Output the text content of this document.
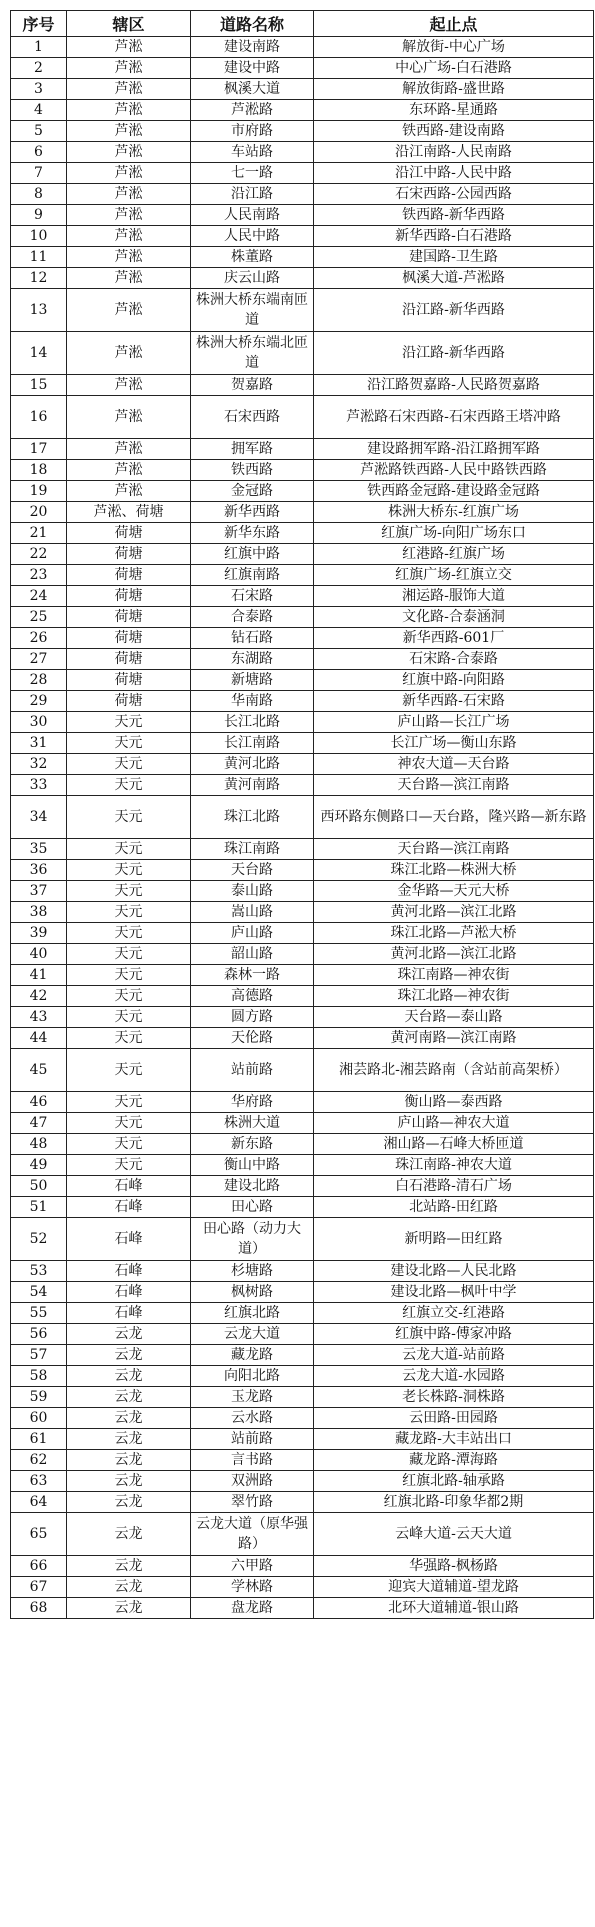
序号	辖区	道路名称	起止点
1	芦淞	建设南路	解放街-中心广场
2	芦淞	建设中路	中心广场-白石港路
3	芦淞	枫溪大道	解放街路-盛世路
4	芦淞	芦淞路	东环路-星通路
5	芦淞	市府路	铁西路-建设南路
6	芦淞	车站路	沿江南路-人民南路
7	芦淞	七一路	沿江中路-人民中路
8	芦淞	沿江路	石宋西路-公园西路
9	芦淞	人民南路	铁西路-新华西路
10	芦淞	人民中路	新华西路-白石港路
11	芦淞	株董路	建国路-卫生路
12	芦淞	庆云山路	枫溪大道-芦淞路
13	芦淞	株洲大桥东端南匝道	沿江路-新华西路
14	芦淞	株洲大桥东端北匝道	沿江路-新华西路
15	芦淞	贺嘉路	沿江路贺嘉路-人民路贺嘉路
16	芦淞	石宋西路	芦淞路石宋西路-石宋西路王塔冲路
17	芦淞	拥军路	建设路拥军路-沿江路拥军路
18	芦淞	铁西路	芦淞路铁西路-人民中路铁西路
19	芦淞	金冠路	铁西路金冠路-建设路金冠路
20	芦淞、荷塘	新华西路	株洲大桥东-红旗广场
21	荷塘	新华东路	红旗广场-向阳广场东口
22	荷塘	红旗中路	红港路-红旗广场
23	荷塘	红旗南路	红旗广场-红旗立交
24	荷塘	石宋路	湘运路-服饰大道
25	荷塘	合泰路	文化路-合泰涵洞
26	荷塘	钻石路	新华西路-601厂
27	荷塘	东湖路	石宋路-合泰路
28	荷塘	新塘路	红旗中路-向阳路
29	荷塘	华南路	新华西路-石宋路
30	天元	长江北路	庐山路—长江广场
31	天元	长江南路	长江广场—衡山东路
32	天元	黄河北路	神农大道—天台路
33	天元	黄河南路	天台路—滨江南路
34	天元	珠江北路	西环路东侧路口—天台路，隆兴路—新东路
35	天元	珠江南路	天台路—滨江南路
36	天元	天台路	珠江北路—株洲大桥
37	天元	泰山路	金华路—天元大桥
38	天元	嵩山路	黄河北路—滨江北路
39	天元	庐山路	珠江北路—芦淞大桥
40	天元	韶山路	黄河北路—滨江北路
41	天元	森林一路	珠江南路—神农街
42	天元	高德路	珠江北路—神农街
43	天元	圆方路	天台路—泰山路
44	天元	天伦路	黄河南路—滨江南路
45	天元	站前路	湘芸路北-湘芸路南（含站前高架桥）
46	天元	华府路	衡山路—泰西路
47	天元	株洲大道	庐山路—神农大道
48	天元	新东路	湘山路—石峰大桥匝道
49	天元	衡山中路	珠江南路-神农大道
50	石峰	建设北路	白石港路-清石广场
51	石峰	田心路	北站路-田红路
52	石峰	田心路（动力大道）	新明路—田红路
53	石峰	杉塘路	建设北路—人民北路
54	石峰	枫树路	建设北路—枫叶中学
55	石峰	红旗北路	红旗立交-红港路
56	云龙	云龙大道	红旗中路-傅家冲路
57	云龙	藏龙路	云龙大道-站前路
58	云龙	向阳北路	云龙大道-水园路
59	云龙	玉龙路	老长株路-洞株路
60	云龙	云水路	云田路-田园路
61	云龙	站前路	藏龙路-大丰站出口
62	云龙	言书路	藏龙路-潭海路
63	云龙	双洲路	红旗北路-轴承路
64	云龙	翠竹路	红旗北路-印象华都2期
65	云龙	云龙大道（原华强路）	云峰大道-云天大道
66	云龙	六甲路	华强路-枫杨路
67	云龙	学林路	迎宾大道辅道-望龙路
68	云龙	盘龙路	北环大道辅道-银山路
